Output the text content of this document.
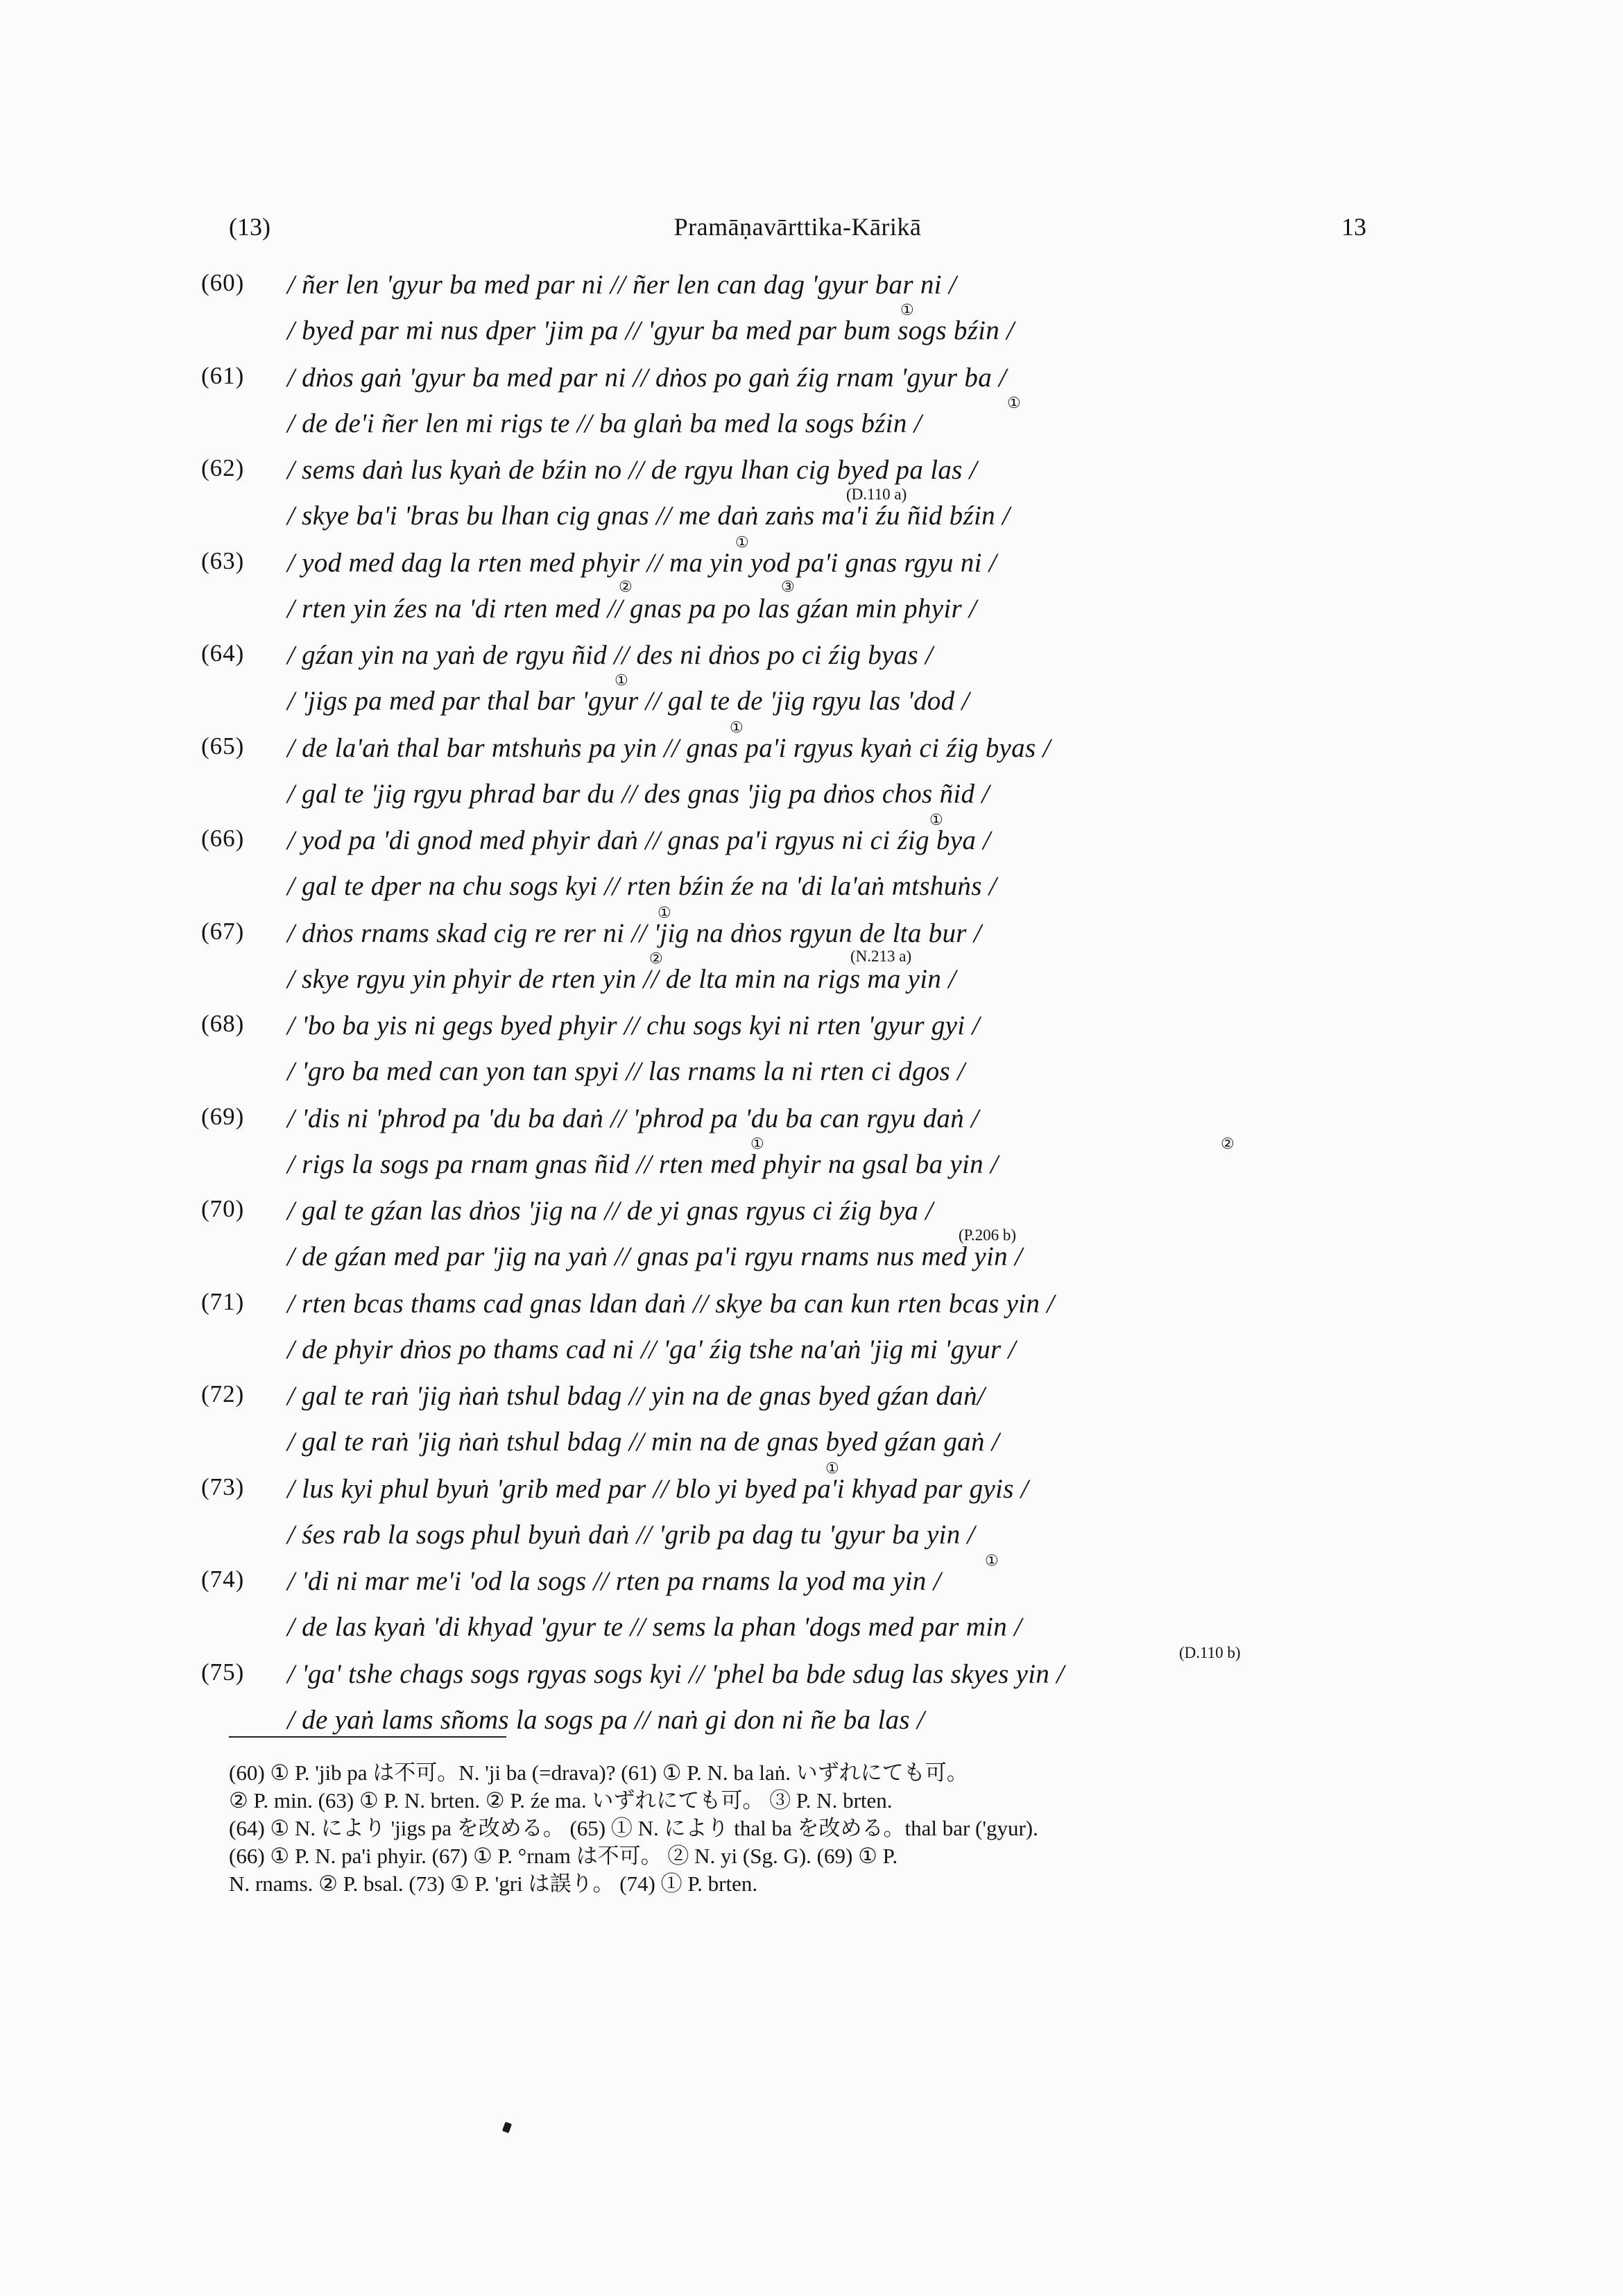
(13)	Pramāṇavārttika-Kārikā	13
(60) / ñer len 'gyur ba med par ni // ñer len can dag 'gyur bar ni /
/ byed par mi nus dper 'jim pa // 'gyur ba med par bum sogs bźin /
①
(61) / dṅos gaṅ 'gyur ba med par ni // dṅos po gaṅ źig rnam 'gyur ba /
/ de de'i ñer len mi rigs te // ba glaṅ ba med la sogs bźin /
①
(62) / sems daṅ lus kyaṅ de bźin no // de rgyu lhan cig byed pa las /
/ skye ba'i 'bras bu lhan cig gnas // me daṅ zaṅs ma'i źu ñid bźin /
(D.110 a)
(63) / yod med dag la rten med phyir // ma yin yod pa'i gnas rgyu ni /
/ rten yin źes na 'di rten med // gnas pa po las gźan min phyir /
①
②	③
(64) / gźan yin na yaṅ de rgyu ñid // des ni dṅos po ci źig byas /
/ 'jigs pa med par thal bar 'gyur // gal te de 'jig rgyu las 'dod /
①
(65) / de la'aṅ thal bar mtshuṅs pa yin // gnas pa'i rgyus kyaṅ ci źig byas /
/ gal te 'jig rgyu phrad bar du // des gnas 'jig pa dṅos chos ñid /
①
(66) / yod pa 'di gnod med phyir daṅ // gnas pa'i rgyus ni ci źig bya /
/ gal te dper na chu sogs kyi // rten bźin źe na 'di la'aṅ mtshuṅs /
①
(67) / dṅos rnams skad cig re rer ni // 'jig na dṅos rgyun de lta bur /
/ skye rgyu yin phyir de rten yin // de lta min na rigs ma yin /
①
②	(N.213 a)
(68) / 'bo ba yis ni gegs byed phyir // chu sogs kyi ni rten 'gyur gyi /
/ 'gro ba med can yon tan spyi // las rnams la ni rten ci dgos /
(69) / 'dis ni 'phrod pa 'du ba daṅ // 'phrod pa 'du ba can rgyu daṅ /
/ rigs la sogs pa rnam gnas ñid // rten med phyir na gsal ba yin /
①	②
(70) / gal te gźan las dṅos 'jig na // de yi gnas rgyus ci źig bya /
/ de gźan med par 'jig na yaṅ // gnas pa'i rgyu rnams nus med yin /
(P.206 b)
(71) / rten bcas thams cad gnas ldan daṅ // skye ba can kun rten bcas yin /
/ de phyir dṅos po thams cad ni // 'ga' źig tshe na'aṅ 'jig mi 'gyur /
(72) / gal te raṅ 'jig ṅaṅ tshul bdag // yin na de gnas byed gźan daṅ/
/ gal te raṅ 'jig ṅaṅ tshul bdag // min na de gnas byed gźan gaṅ /
(73) / lus kyi phul byuṅ 'grib med par // blo yi byed pa'i khyad par gyis /
/ śes rab la sogs phul byuṅ daṅ // 'grib pa dag tu 'gyur ba yin /
①
(74) / 'di ni mar me'i 'od la sogs // rten pa rnams la yod ma yin /
/ de las kyaṅ 'di khyad 'gyur te // sems la phan 'dogs med par min /
①
(75) / 'ga' tshe chags sogs rgyas sogs kyi // 'phel ba bde sdug las skyes yin /
/ de yaṅ lams sñoms la sogs pa // naṅ gi don ni ñe ba las /
(D.110 b)
(60) ① P. 'jib pa は不可。N. 'ji ba (=drava)? (61) ① P. N. ba laṅ. いずれにても可。
② P. min. (63) ① P. N. brten. ② P. źe ma. いずれにても可。 ③ P. N. brten.
(64) ① N. により 'jigs pa を改める。 (65) ① N. により thal ba を改める。thal bar ('gyur).
(66) ① P. N. pa'i phyir. (67) ① P. °rnam は不可。 ② N. yi (Sg. G). (69) ① P.
N. rnams. ② P. bsal. (73) ① P. 'gri は誤り。 (74) ① P. brten.
